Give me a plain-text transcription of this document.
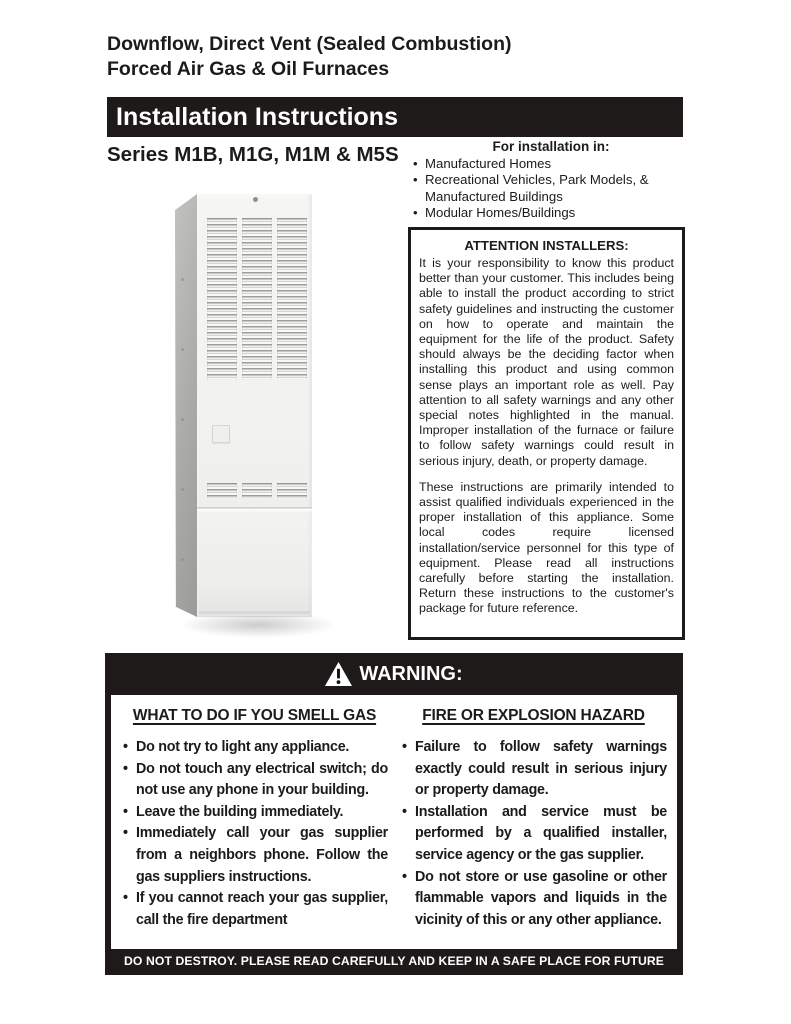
Downflow, Direct Vent (Sealed Combustion)
Forced Air Gas & Oil Furnaces
Installation Instructions
Series M1B, M1G, M1M & M5S	For installation in:
• Manufactured Homes
• Recreational Vehicles, Park Models, & Manufactured Buildings
• Modular Homes/Buildings
ATTENTION INSTALLERS:

It is your responsibility to know this product better than your customer. This includes being able to install the product according to strict safety guidelines and instructing the customer on how to operate and maintain the equipment for the life of the product. Safety should always be the deciding factor when installing this product and using common sense plays an important role as well. Pay attention to all safety warnings and any other special notes highlighted in the manual. Improper installation of the furnace or failure to follow safety warnings could result in serious injury, death, or property damage.

These instructions are primarily intended to assist qualified individuals experienced in the proper installation of this appliance. Some local codes require licensed installation/service personnel for this type of equipment. Please read all instructions carefully before starting the installation. Return these instructions to the customer's package for future reference.

WARNING:
WHAT TO DO IF YOU SMELL GAS
• Do not try to light any appliance.
• Do not touch any electrical switch; do not use any phone in your building.
• Leave the building immediately.
• Immediately call your gas supplier from a neighbors phone. Follow the gas suppliers instructions.
• If you cannot reach your gas supplier, call the fire department
FIRE OR EXPLOSION HAZARD
• Failure to follow safety warnings exactly could result in serious injury or property damage.
• Installation and service must be performed by a qualified installer, service agency or the gas supplier.
• Do not store or use gasoline or other flammable vapors and liquids in the vicinity of this or any other appliance.
DO NOT DESTROY. PLEASE READ CAREFULLY AND KEEP IN A SAFE PLACE FOR FUTURE REFERENCE.
